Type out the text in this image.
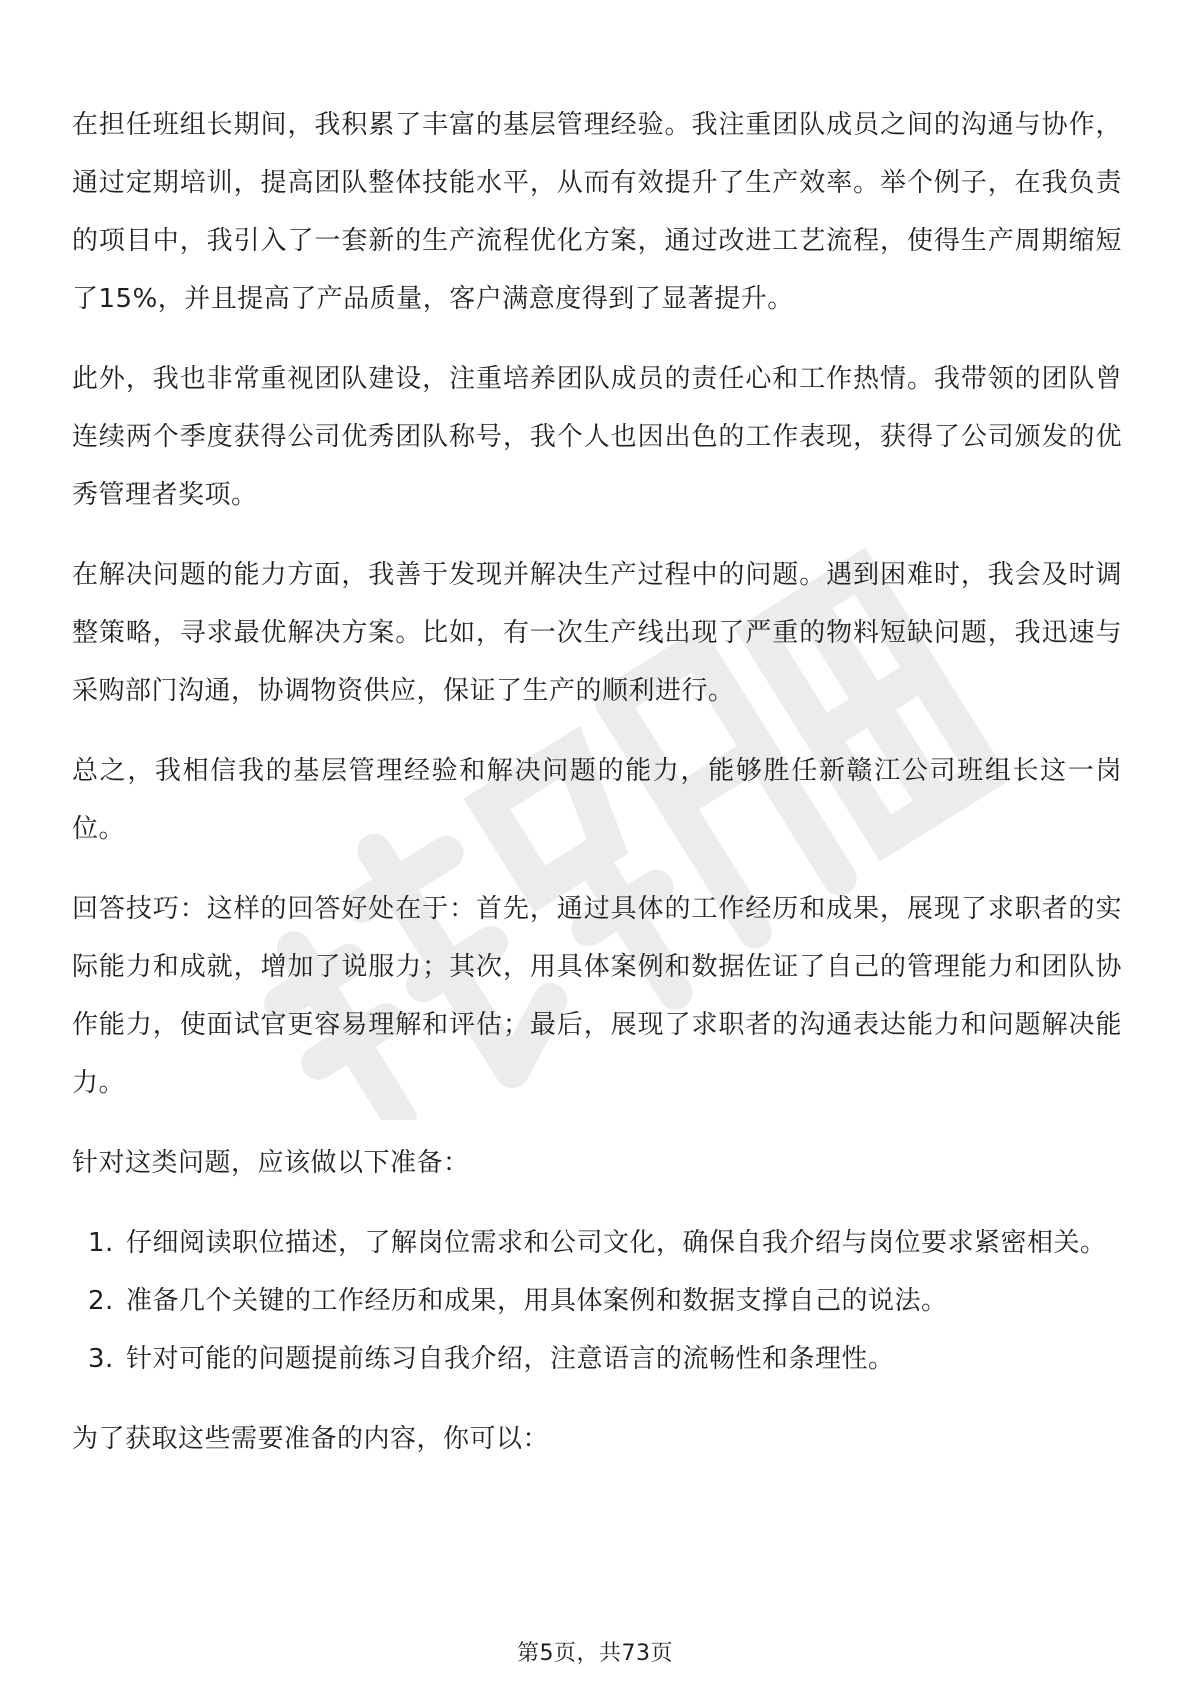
在担任班组长期间，我积累了丰富的基层管理经验。我注重团队成员之间的沟通与协作，通过定期培训，提高团队整体技能水平，从而有效提升了生产效率。举个例子，在我负责的项目中，我引入了一套新的生产流程优化方案，通过改进工艺流程，使得生产周期缩短了15%，并且提高了产品质量，客户满意度得到了显著提升。

此外，我也非常重视团队建设，注重培养团队成员的责任心和工作热情。我带领的团队曾连续两个季度获得公司优秀团队称号，我个人也因出色的工作表现，获得了公司颁发的优秀管理者奖项。

在解决问题的能力方面，我善于发现并解决生产过程中的问题。遇到困难时，我会及时调整策略，寻求最优解决方案。比如，有一次生产线出现了严重的物料短缺问题，我迅速与采购部门沟通，协调物资供应，保证了生产的顺利进行。

总之，我相信我的基层管理经验和解决问题的能力，能够胜任新赣江公司班组长这一岗位。

回答技巧：这样的回答好处在于：首先，通过具体的工作经历和成果，展现了求职者的实际能力和成就，增加了说服力；其次，用具体案例和数据佐证了自己的管理能力和团队协作能力，使面试官更容易理解和评估；最后，展现了求职者的沟通表达能力和问题解决能力。

针对这类问题，应该做以下准备：

1. 仔细阅读职位描述，了解岗位需求和公司文化，确保自我介绍与岗位要求紧密相关。
2. 准备几个关键的工作经历和成果，用具体案例和数据支撑自己的说法。
3. 针对可能的问题提前练习自我介绍，注意语言的流畅性和条理性。

为了获取这些需要准备的内容，你可以：

第5页，共73页
